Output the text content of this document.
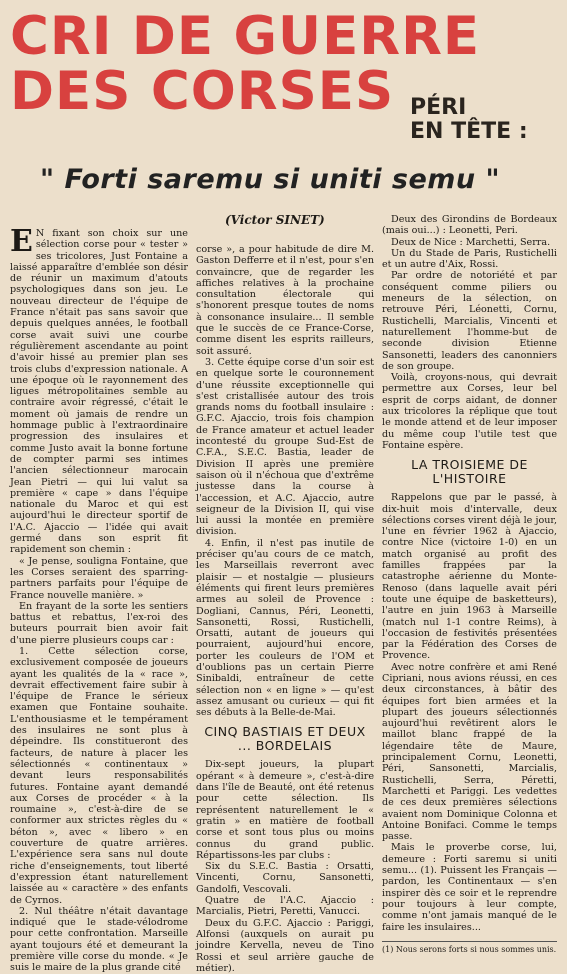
CRI DE GUERRE
DES CORSES PÉRI
EN TÊTE :
" Forti saremu si uniti semu "
(Victor SINET)

E N fixant son choix sur une sélection corse pour « tester » ses tricolores, Just Fontaine a laissé apparaître d'emblée son désir de réunir un maximum d'atouts psychologiques dans son jeu. Le nouveau directeur de l'équipe de France n'était pas sans savoir que depuis quelques années, le football corse avait suivi une courbe régulièrement ascendante au point d'avoir hissé au premier plan ses trois clubs d'expression nationale. A une époque où le rayonnement des ligues métropolitaines semble au contraire avoir régressé, c'était le moment où jamais de rendre un hommage public à l'extraordinaire progression des insulaires et comme Justo avait la bonne fortune de compter parmi ses intimes l'ancien sélectionneur marocain Jean Pietri — qui lui valut sa première « cape » dans l'équipe nationale du Maroc et qui est aujourd'hui le directeur sportif de l'A.C. Ajaccio — l'idée qui avait germé dans son esprit fit rapidement son chemin :

« Je pense, souligna Fontaine, que les Corses seraient des sparring-partners parfaits pour l'équipe de France nouvelle manière. »

En frayant de la sorte les sentiers battus et rebattus, l'ex-roi des buteurs pourrait bien avoir fait d'une pierre plusieurs coups car :

1. Cette sélection corse, exclusivement composée de joueurs ayant les qualités de la « race », devrait effectivement faire subir à l'équipe de France le sérieux examen que Fontaine souhaite. L'enthousiasme et le tempérament des insulaires ne sont plus à dépeindre. Ils constitueront des facteurs, de nature à placer les sélectionnés « continentaux » devant leurs responsabilités futures. Fontaine ayant demandé aux Corses de procéder « à la roumaine », c'est-à-dire de se conformer aux strictes règles du « béton », avec « libero » en couverture de quatre arrières. L'expérience sera sans nul doute riche d'enseignements, tout liberté d'expression étant naturellement laissée au « caractère » des enfants de Cyrnos.

2. Nul théâtre n'était davantage indiqué que le stade-vélodrome pour cette confrontation. Marseille ayant toujours été et demeurant la première ville corse du monde. « Je suis le maire de la plus grande cité

corse », a pour habitude de dire M. Gaston Defferre et il n'est, pour s'en convaincre, que de regarder les affiches relatives à la prochaine consultation électorale qui s'honorent presque toutes de noms à consonance insulaire... Il semble que le succès de ce France-Corse, comme disent les esprits railleurs, soit assuré.

3. Cette équipe corse d'un soir est en quelque sorte le couronnement d'une réussite exceptionnelle qui s'est cristallisée autour des trois grands noms du football insulaire : G.F.C. Ajaccio, trois fois champion de France amateur et actuel leader incontesté du groupe Sud-Est de C.F.A., S.E.C. Bastia, leader de Division II après une première saison où il n'échoua que d'extrême justesse dans la course à l'accession, et A.C. Ajaccio, autre seigneur de la Division II, qui vise lui aussi la montée en première division.

4. Enfin, il n'est pas inutile de préciser qu'au cours de ce match, les Marseillais reverront avec plaisir — et nostalgie — plusieurs éléments qui firent leurs premières armes au soleil de Provence : Dogliani, Cannus, Péri, Leonetti, Sansonetti, Rossi, Rustichelli, Orsatti, autant de joueurs qui pourraient, aujourd'hui encore, porter les couleurs de l'OM et d'oublions pas un certain Pierre Sinibaldi, entraîneur de cette sélection non « en ligne » — qu'est assez amusant ou curieux — qui fit ses débuts à la Belle-de-Mai.

CINQ BASTIAIS ET DEUX ... BORDELAIS

Dix-sept joueurs, la plupart opérant « à demeure », c'est-à-dire dans l'île de Beauté, ont été retenus pour cette sélection. Ils représentent naturellement le « gratin » en matière de football corse et sont tous plus ou moins connus du grand public. Répartissons-les par clubs :

Six du S.E.C. Bastia : Orsatti, Vincenti, Cornu, Sansonetti, Gandolfi, Vescovali.

Quatre de l'A.C. Ajaccio : Marcialis, Pietri, Peretti, Vanucci.

Deux du G.F.C. Ajaccio : Pariggi, Alfonsi (auxquels on aurait pu joindre Kervella, neveu de Tino Rossi et seul arrière gauche de métier).

Deux des Girondins de Bordeaux (mais oui...) : Leonetti, Peri.

Deux de Nice : Marchetti, Serra.

Un du Stade de Paris, Rustichelli et un autre d'Aix, Rossi.

Par ordre de notoriété et par conséquent comme piliers ou meneurs de la sélection, on retrouve Péri, Léonetti, Cornu, Rustichelli, Marcialis, Vincenti et naturellement l'homme-but de seconde division Etienne Sansonetti, leaders des canonniers de son groupe.

Voilà, croyons-nous, qui devrait permettre aux Corses, leur bel esprit de corps aidant, de donner aux tricolores la réplique que tout le monde attend et de leur imposer du même coup l'utile test que Fontaine espère.

LA TROISIEME DE L'HISTOIRE

Rappelons que par le passé, à dix-huit mois d'intervalle, deux sélections corses virent déjà le jour, l'une en février 1962 à Ajaccio, contre Nice (victoire 1-0) en un match organisé au profit des familles frappées par la catastrophe aérienne du Monte-Renoso (dans laquelle avait péri toute une équipe de basketteurs), l'autre en juin 1963 à Marseille (match nul 1-1 contre Reims), à l'occasion de festivités présentées par la Fédération des Corses de Provence.

Avec notre confrère et ami René Cipriani, nous avions réussi, en ces deux circonstances, à bâtir des équipes fort bien armées et la plupart des joueurs sélectionnés aujourd'hui revêtirent alors le maillot blanc frappé de la légendaire tête de Maure, principalement Cornu, Leonetti, Péri, Sansonetti, Marcialis, Rustichelli, Serra, Péretti, Marchetti et Pariggi. Les vedettes de ces deux premières sélections avaient nom Dominique Colonna et Antoine Bonifaci. Comme le temps passe.

Mais le proverbe corse, lui, demeure : Forti saremu si uniti semu... (1). Puissent les Français — pardon, les Continentaux — s'en inspirer dès ce soir et le reprendre pour toujours à leur compte, comme n'ont jamais manqué de le faire les insulaires...

(1) Nous serons forts si nous sommes unis.
